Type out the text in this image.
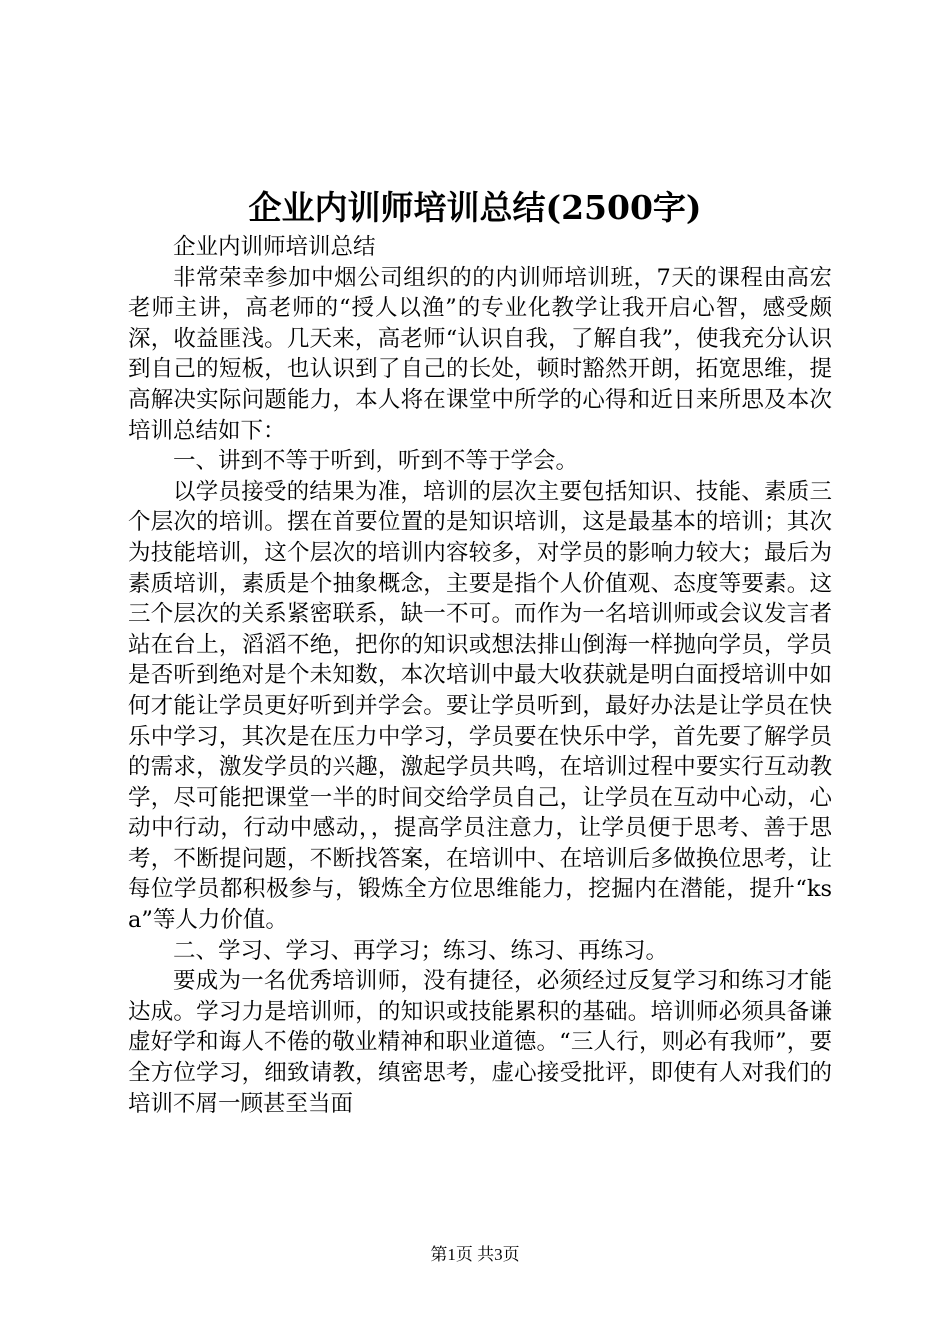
企业内训师培训总结(2500字)

企业内训师培训总结

非常荣幸参加中烟公司组织的的内训师培训班，7天的课程由高宏老师主讲，高老师的“授人以渔”的专业化教学让我开启心智，感受颇深，收益匪浅。几天来，高老师“认识自我，了解自我”，使我充分认识到自己的短板，也认识到了自己的长处，顿时豁然开朗，拓宽思维，提高解决实际问题能力，本人将在课堂中所学的心得和近日来所思及本次培训总结如下：

一、讲到不等于听到，听到不等于学会。

以学员接受的结果为准，培训的层次主要包括知识、技能、素质三个层次的培训。摆在首要位置的是知识培训，这是最基本的培训；其次为技能培训，这个层次的培训内容较多，对学员的影响力较大；最后为素质培训，素质是个抽象概念，主要是指个人价值观、态度等要素。这三个层次的关系紧密联系，缺一不可。而作为一名培训师或会议发言者站在台上，滔滔不绝，把你的知识或想法排山倒海一样抛向学员，学员是否听到绝对是个未知数，本次培训中最大收获就是明白面授培训中如何才能让学员更好听到并学会。要让学员听到，最好办法是让学员在快乐中学习，其次是在压力中学习，学员要在快乐中学，首先要了解学员的需求，激发学员的兴趣，激起学员共鸣，在培训过程中要实行互动教学，尽可能把课堂一半的时间交给学员自己，让学员在互动中心动，心动中行动，行动中感动，，提高学员注意力，让学员便于思考、善于思考，不断提问题，不断找答案，在培训中、在培训后多做换位思考，让每位学员都积极参与，锻炼全方位思维能力，挖掘内在潜能，提升“ksa”等人力价值。

二、学习、学习、再学习；练习、练习、再练习。

要成为一名优秀培训师，没有捷径，必须经过反复学习和练习才能达成。学习力是培训师，的知识或技能累积的基础。培训师必须具备谦虚好学和诲人不倦的敬业精神和职业道德。“三人行，则必有我师”，要全方位学习，细致请教，缜密思考，虚心接受批评，即使有人对我们的培训不屑一顾甚至当面

第1页 共3页
